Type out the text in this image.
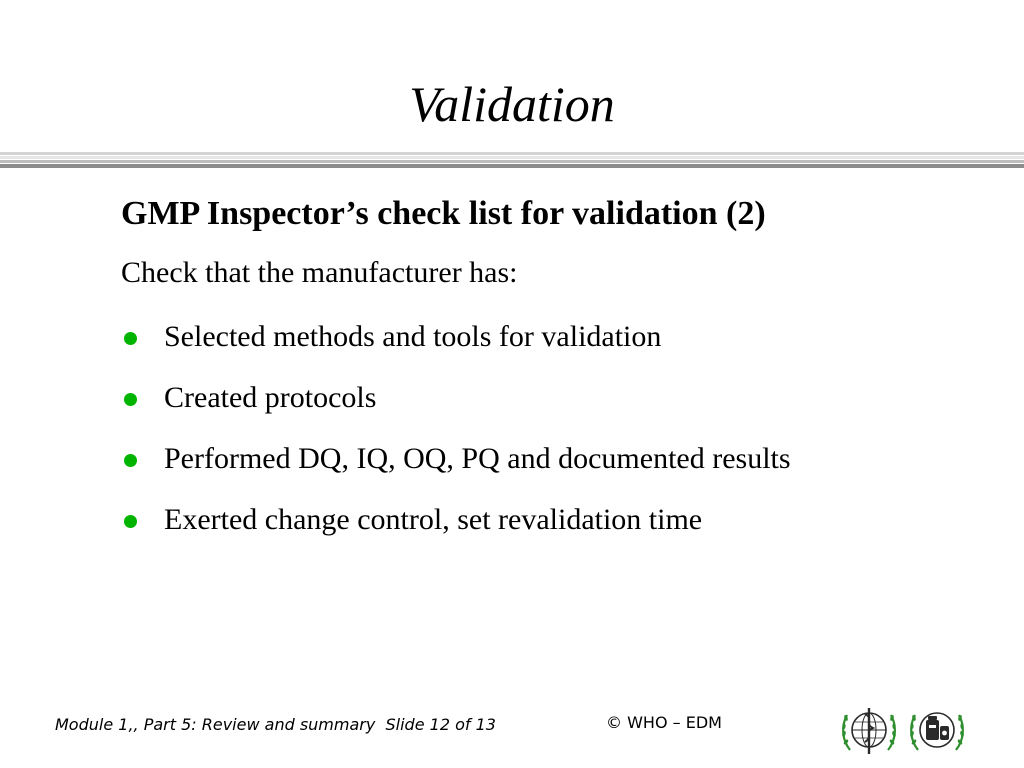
Validation
GMP Inspector’s check list for validation (2)
Check that the manufacturer has:
Selected methods and tools for validation
Created protocols
Performed DQ, IQ, OQ, PQ and documented results
Exerted change control, set revalidation time
Module 1,, Part 5: Review and summary  Slide 12 of 13	© WHO – EDM
